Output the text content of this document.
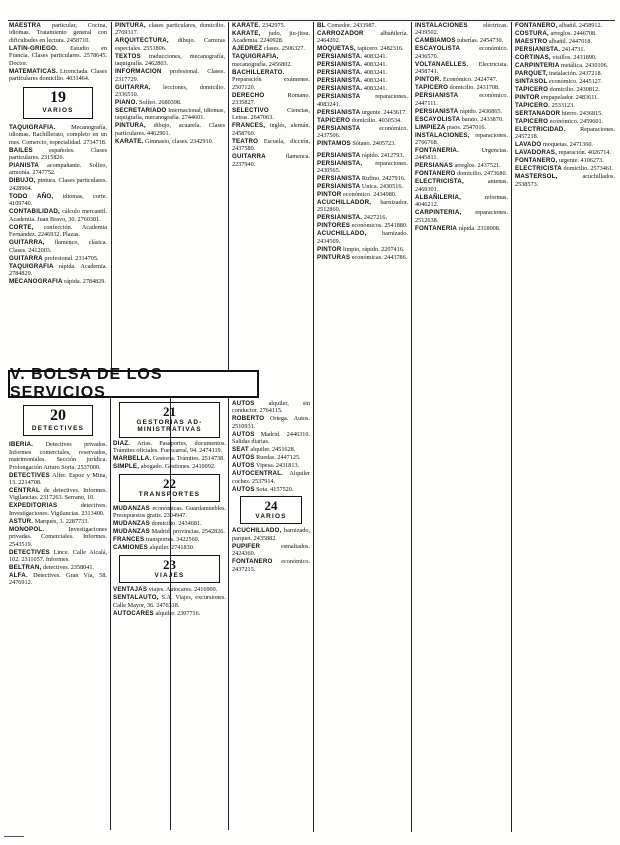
MAESTRA particular, Cocina, idiomas. Tratamiento general con dificultades en lectura. 2458710.

LATIN-GRIEGO. Estudio en Francia. Clases particulares. 2578645. Doctor.

MATEMATICAS. Licenciada. Clases particulares domicilio. 4031464.

19
VARIOS

TAQUIGRAFIA. Mecanografía, idiomas. Bachillerato, completo en un mes. Comercio, especialidad. 2734718.

BAILES	españoles. Clases particulares. 2315826.

PIANISTA acompañante. Solfeo, armonía. 2747752.

DIBUJO, pintura. Clases particulares. 2428904.

TODO AÑO, idiomas, corte. 4109740.

CONTABILIDAD, cálculo mercantil. Academia. Juan Bravo, 30. 2760381.

CORTE, confección. Academia Fernández. 2246932. Plazas.

GUITARRA, flamenco, clásica. Clases. 2412003.

GUITARRA profesional. 2314705.

TAQUIGRAFIA rápida. Academia. 2784829.

MECANOGRAFIA rápida. 2784829.

PINTURA, clases particulares, domicilio. 2769317.

ARQUITECTURA, dibujo. Carreras especiales. 2551806.

TEXTOS traducciones, mecanografía, taquigrafía. 2462803.

INFORMACION profesional. Clases. 2317729.

GUITARRA, lecciones, domicilio. 2336510.

PIANO. Solfeo. 2680398.

SECRETARIADO Internacional, idiomas, taquigrafía, mecanografía. 2744601.

PINTURA, dibujo, acuarela. Clases particulares. 4462901.

KARATE. Gimnasio, clases. 2342910.

KARATE. 2342975.

KARATE, judo, jiu-jitsu. Academia. 2240928.

AJEDREZ clases. 2506327.

TAQUIGRAFIA, mecanografía. 2456802.

BACHILLERATO. Preparación exámenes. 2507120.

DERECHO	Romano. 2335827.

SELECTIVO	Ciencias, Letras. 2647063.

FRANCES, inglés, alemán. 2458760.

TEATRO Escuela, dicción. 2437580.

GUITARRA	flamenca. 2237940.

V. BOLSA DE LOS SERVICIOS
20
DETECTIVES

IBERIA. Detectives privados. Informes comerciales, reservados, matrimoniales. Sección jurídica. Prolongación Arturo Soria. 2537000.

DETECTIVES Alfer. Espoz y Mina, 13. 2214708.

CENTRAL de detectives. Informes. Vigilancias. 2317263. Serrano, 10.

EXPEDITORIAS	detectives. Investigaciones. Vigilancias. 2313400.

ASTUR. Marqués, 3. 2287733.

MONOPOL.	Investigaciones privadas. Comerciales. Informes. 2543519.

DETECTIVES Lince. Calle Alcalá, 102. 2311057. Informes.

BELTRAN, detectives. 2358041.

ALFA. Detectives. Gran Vía, 58. 2476912.

21
GESTORIAS AD-MINISTRATIVAS

DIAZ. Arias. Pasaportes, documentos. Trámites oficiales. Fuencarral, 94. 2474119.

MARBELLA. Gestoría. Trámites. 2514738.

SIMPLE, abogado. Gestiones. 2410092.

22
TRANSPORTES

MUDANZAS económicas. Guardamuebles. Presupuestos gratis. 2304947.

MUDANZAS domicilio. 2434681.

MUDANZAS Madrid, provincias. 2542826.

FRANCES transportes. 3422560.

CAMIONES alquiler. 2741830.

23
VIAJES

VENTAJAS viajes. Autocares. 2416900.

SENTALAUTO, S.A. Viajes, excursiones. Calle Mayor, 36. 2476318.

AUTOCARES alquiler. 2307716.

AUTOS alquiler, sin conductor. 2764115.

ROBERTO Ortega. Autos. 2510931.

AUTOS Madrid. 2446310. Salidas diarias.

SEAT alquiler. 2451628.

AUTOS Ruedas. 2447125.

AUTOS Vipesa. 2431813.

AUTOCENTRAL. Alquiler coches. 2537914.

AUTOS Sota. 4157520.

24
VARIOS

ACUCHILLADO, barnizado, parquet. 2435882.

PUPIFER	esmaltados. 2424360.

FONTANERO económico. 2437215.

BL Comedor. 2433987.

CARROZADOR	albañilería. 2464202.

MOQUETAS, tapicero. 2482316.

PERSIANISTA. 4083241.

PERSIANISTA. 4083241.

PERSIANISTA. 4083241.

PERSIANISTA. 4083241.

PERSIANISTA. 4083241.

PERSIANISTA reparaciones. 4083241.

PERSIANISTA urgente. 2443617.

TAPICERO domicilio. 4030534.

PERSIANISTA	económico. 2437506.

PINTAMOS Sótano. 2405723.

PERSIANISTA rápido. 2412793.

PERSIANISTA, reparaciones. 2430565.

PERSIANISTA Rufino. 2427916.

PERSIANISTA Unica. 2430516.

PINTOR económico. 2434980.

ACUCHILLADOR, barnizador. 2512860.

PERSIANISTA. 2427216.

PINTORES económicos. 2541880.

ACUCHILLADO,	barnizado. 2434569.

PINTOR limpio, rápido. 2207416.

PINTURAS económicas. 2443786.

INSTALACIONES eléctricas. 2439502.

CAMBIAMOS tuberías. 2454730.

ESCAYOLISTA	económico. 2436570.

VOLTANAELLES. Electricista. 2458741.

PINTOR. Económico. 2424747.

TAPICERO domicilio. 2431708.

PERSIANISTA	económico. 2447111.

PERSIANISTA rápido. 2436865.

ESCAYOLISTA barato. 2433870.

LIMPIEZA pisos. 2547016.

INSTALACIONES, reparaciones. 2766768.

FONTANERIA.	Urgencias. 2445811.

PERSIANAS arreglos. 2437521.

FONTANERO domicilio. 2473680.

ELECTRICISTA,	antenas. 2469301.

ALBAÑILERIA,	reformas. 4046212.

CARPINTERIA, reparaciones. 2512638.

FONTANERIA rápida. 2318008.

FONTANERO, albañil. 2458912.

COSTURA, arreglos. 2446708.

MAESTRO albañil. 2447018.

PERSIANISTA. 2414731.

CORTINAS, visillos. 2431890.

CARPINTERIA metálica. 2430106.

PARQUET, instalación. 2437218.

SINTASOL económico. 2445127.

TAPICERO domicilio. 2430812.

PINTOR empapelador. 2483611.

TAPICERO. 2533123.

SERTANADOR hierro. 2436815.

TAPICERO económico. 2459601.

ELECTRICIDAD. Reparaciones. 2457218.

LAVADO moquetas. 2471360.

LAVADORAS, reparación. 4026714.

FONTANERO, urgente. 4106273.

ELECTRICISTA domicilio. 2573461.

MASTERSOL,	acuchillados. 2538573.
